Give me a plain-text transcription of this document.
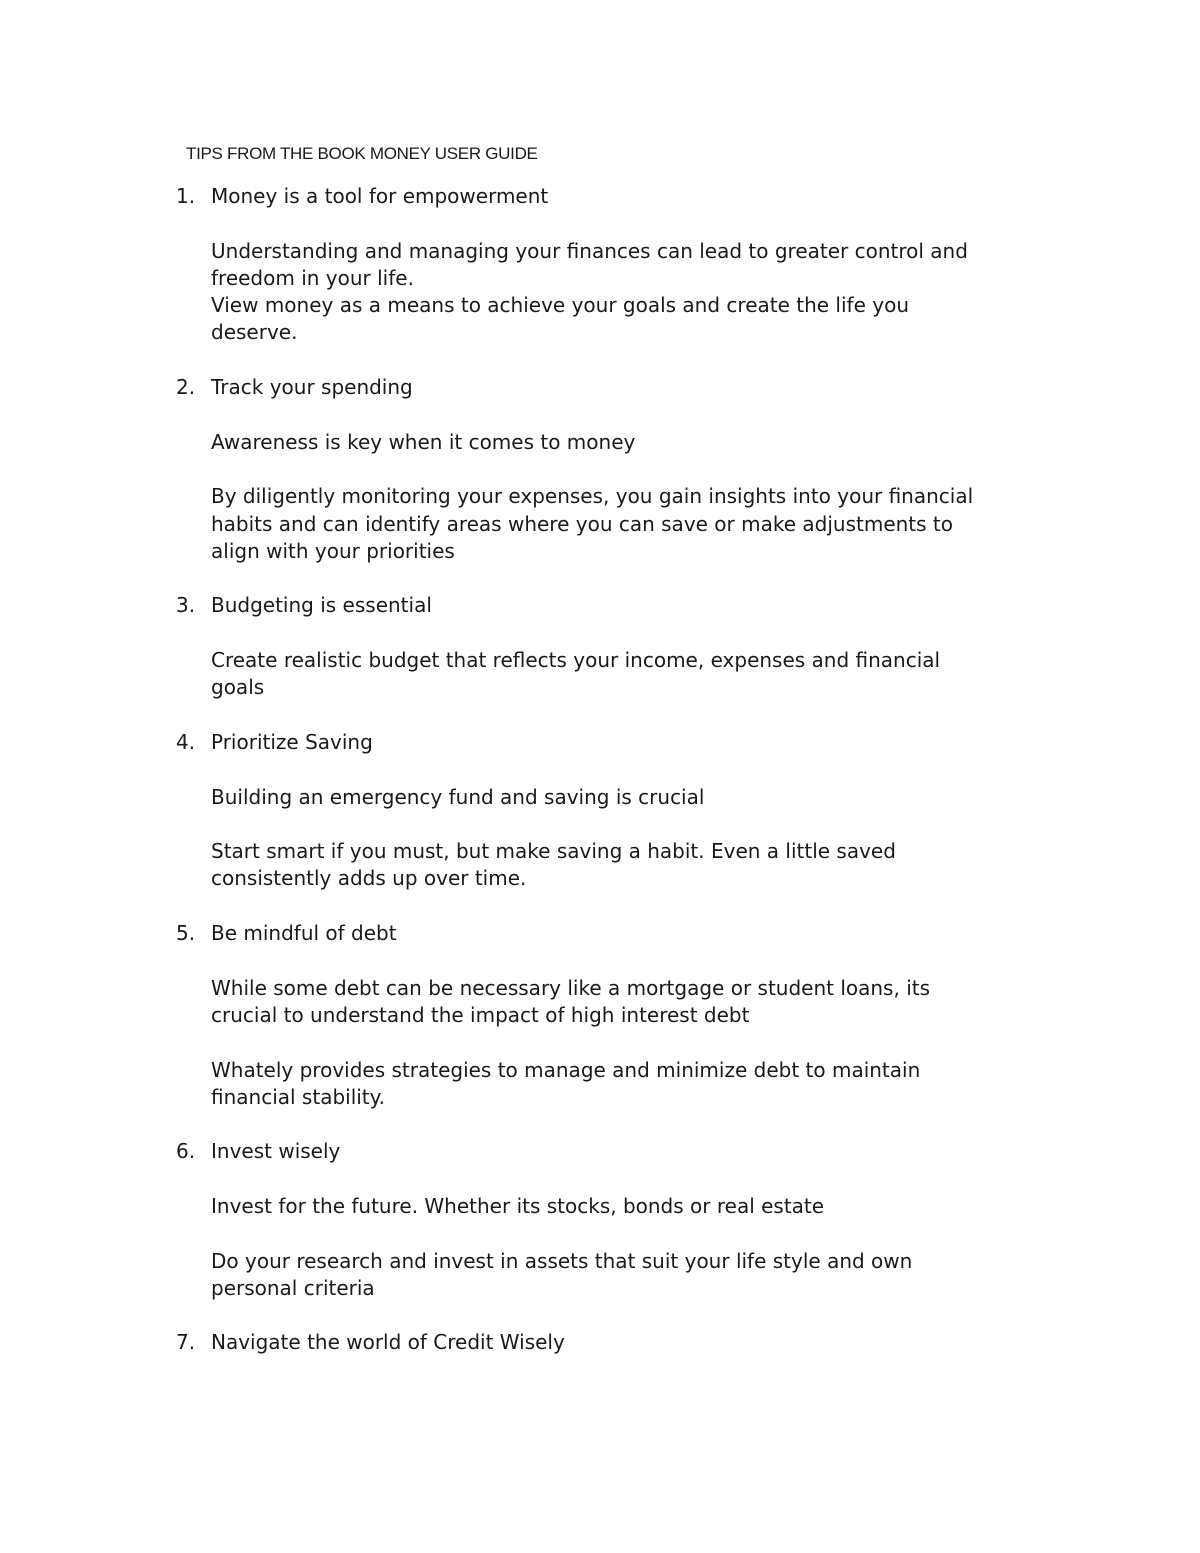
TIPS FROM THE BOOK MONEY USER GUIDE
1. Money is a tool for empowerment
Understanding and managing your finances can lead to greater control and
freedom in your life.
View money as a means to achieve your goals and create the life you
deserve.
2. Track your spending
Awareness is key when it comes to money
By diligently monitoring your expenses, you gain insights into your financial
habits and can identify areas where you can save or make adjustments to
align with your priorities
3. Budgeting is essential
Create realistic budget that reflects your income, expenses and financial
goals
4. Prioritize Saving
Building an emergency fund and saving is crucial
Start smart if you must, but make saving a habit. Even a little saved
consistently adds up over time.
5. Be mindful of debt
While some debt can be necessary like a mortgage or student loans, its
crucial to understand the impact of high interest debt
Whately provides strategies to manage and minimize debt to maintain
financial stability.
6. Invest wisely
Invest for the future. Whether its stocks, bonds or real estate
Do your research and invest in assets that suit your life style and own
personal criteria
7. Navigate the world of Credit Wisely
